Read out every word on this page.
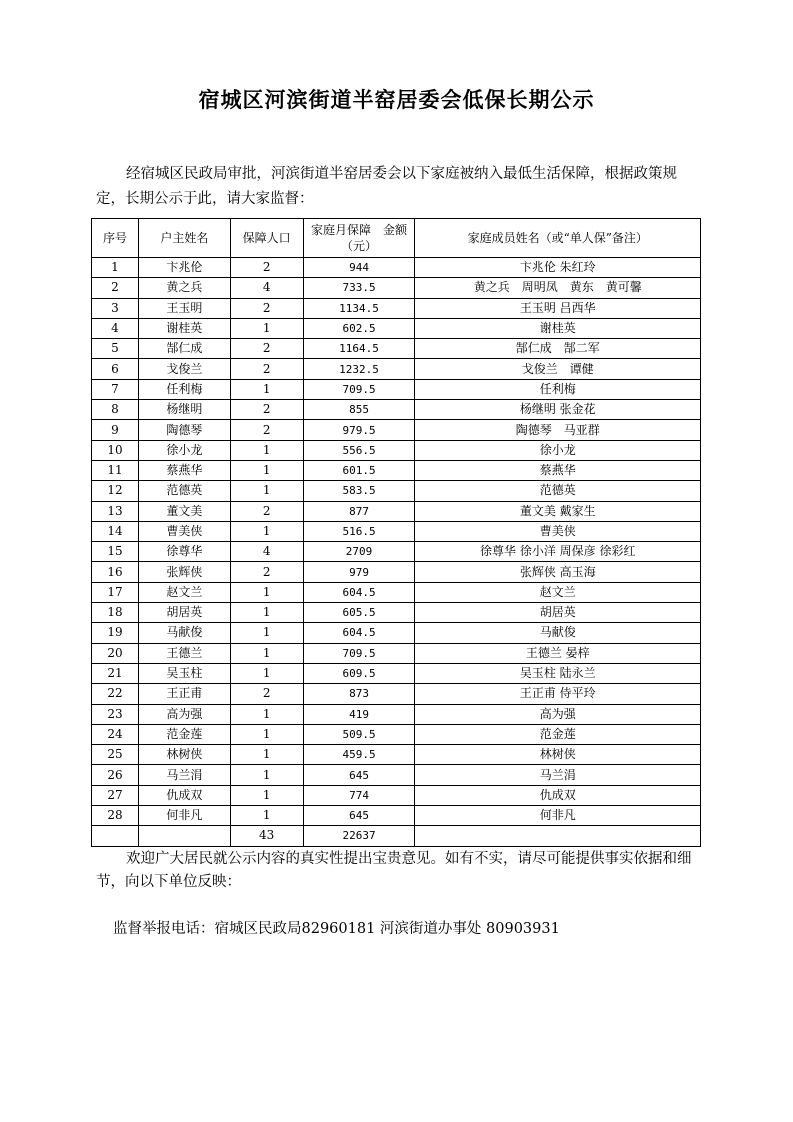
宿城区河滨街道半窑居委会低保长期公示
经宿城区民政局审批，河滨街道半窑居委会以下家庭被纳入最低生活保障，根据政策规定，长期公示于此，请大家监督：
序号	户主姓名	保障人口	家庭月保障　金额（元）	家庭成员姓名（或“单人保”备注）
1	卞兆伦	2	944	卞兆伦 朱红玲
2	黄之兵	4	733.5	黄之兵　周明凤　黄东　黄可馨
3	王玉明	2	1134.5	王玉明 吕西华
4	谢桂英	1	602.5	谢桂英
5	郜仁成	2	1164.5	郜仁成　郜二军
6	戈俊兰	2	1232.5	戈俊兰　谭健
7	任利梅	1	709.5	任利梅
8	杨继明	2	855	杨继明 张金花
9	陶德琴	2	979.5	陶德琴　马亚群
10	徐小龙	1	556.5	徐小龙
11	蔡燕华	1	601.5	蔡燕华
12	范德英	1	583.5	范德英
13	董文美	2	877	董文美 戴家生
14	曹美侠	1	516.5	曹美侠
15	徐尊华	4	2709	徐尊华 徐小洋 周保彦 徐彩红
16	张辉侠	2	979	张辉侠 高玉海
17	赵文兰	1	604.5	赵文兰
18	胡居英	1	605.5	胡居英
19	马献俊	1	604.5	马献俊
20	王德兰	1	709.5	王德兰 晏梓
21	吴玉柱	1	609.5	吴玉柱 陆永兰
22	王正甫	2	873	王正甫 侍平玲
23	高为强	1	419	高为强
24	范金莲	1	509.5	范金莲
25	林树侠	1	459.5	林树侠
26	马兰涓	1	645	马兰涓
27	仇成双	1	774	仇成双
28	何非凡	1	645	何非凡
		43	22637	
欢迎广大居民就公示内容的真实性提出宝贵意见。如有不实，请尽可能提供事实依据和细节，向以下单位反映：
监督举报电话：宿城区民政局82960181 河滨街道办事处 80903931
